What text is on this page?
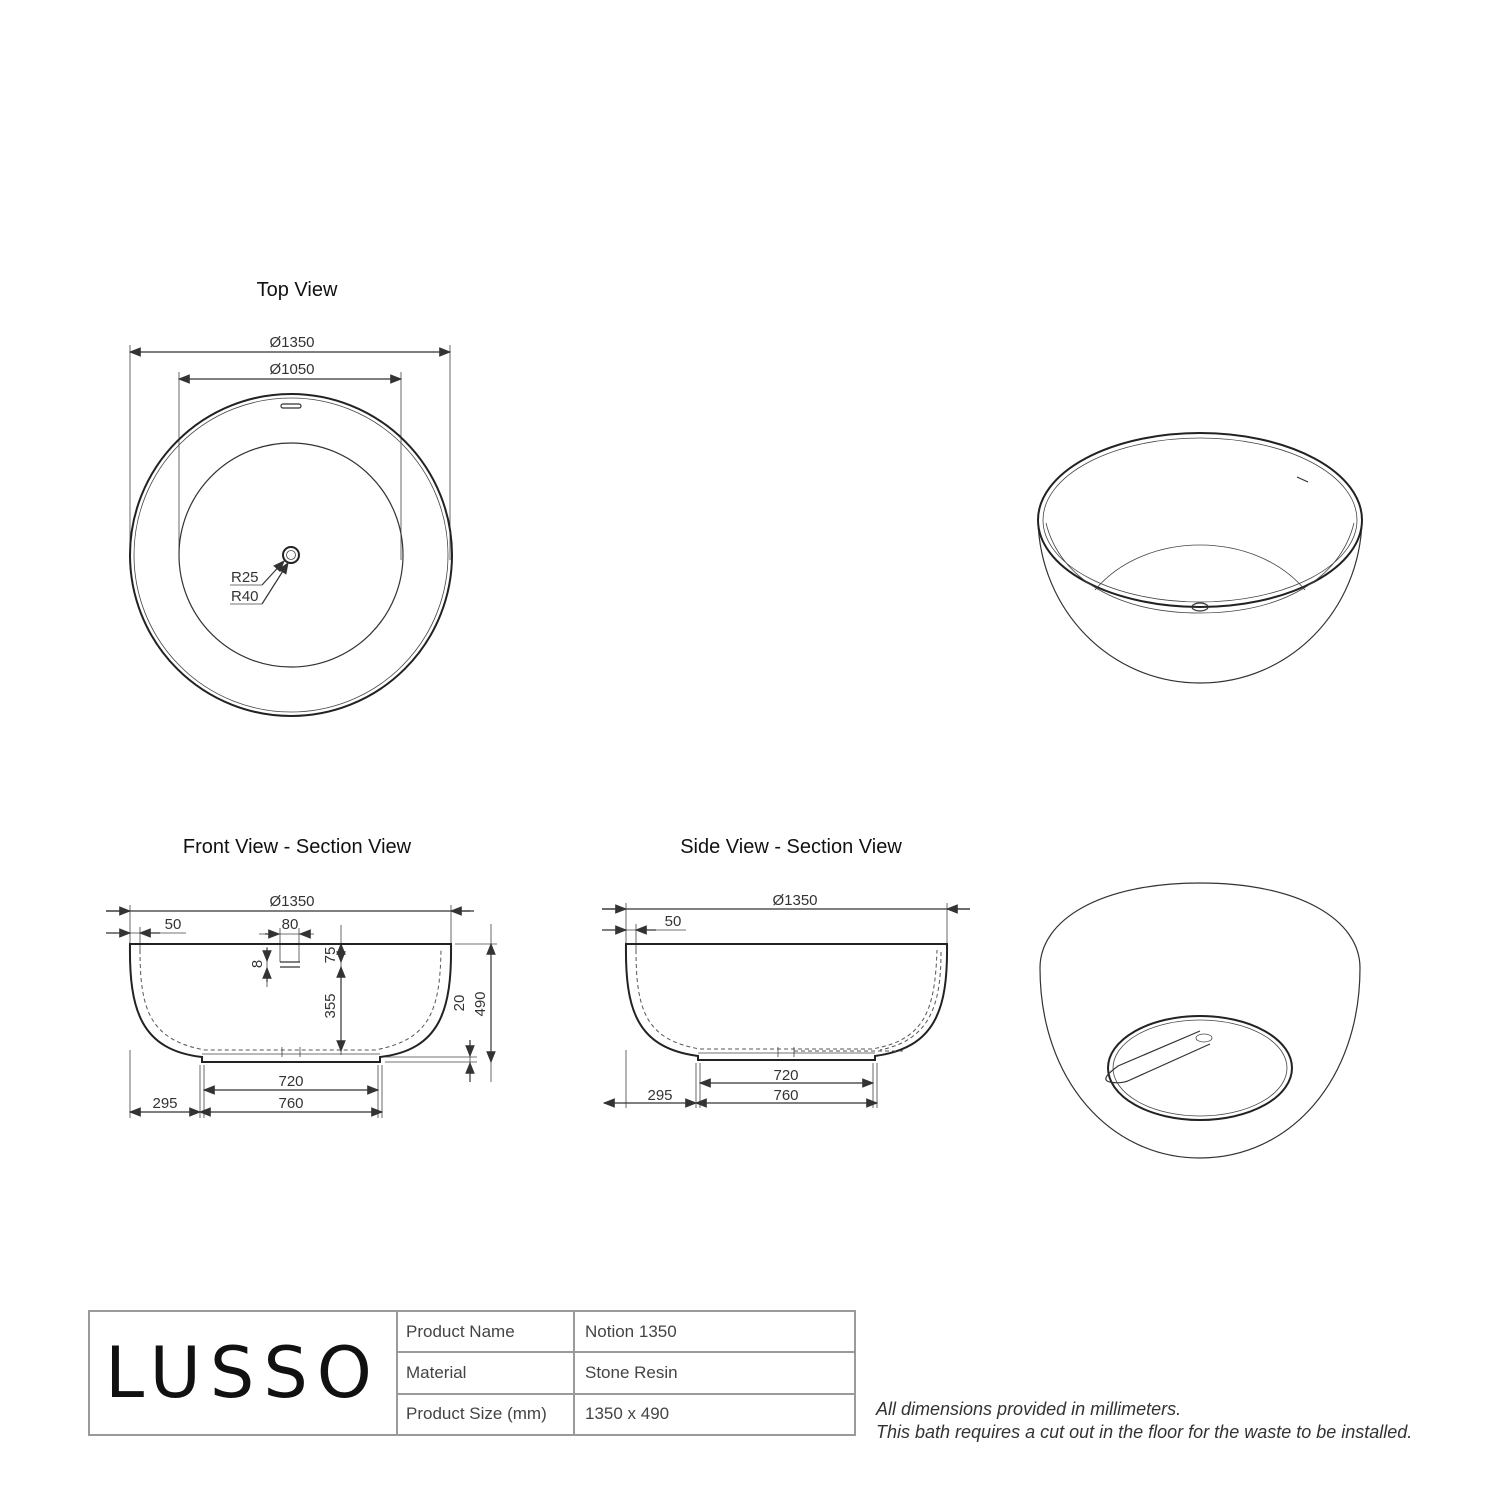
Top View
Ø1350
Ø1050
R25
R40
Front View - Section View
Ø1350
50	80
8
75
355	20 490
720
760
295
Side View - Section View
Ø1350
50
720
760
295
LUSSO
Product Name	Notion 1350
Material	Stone Resin
Product Size (mm)	1350 x 490	All dimensions provided in millimeters.
This bath requires a cut out in the floor for the waste to be installed.
